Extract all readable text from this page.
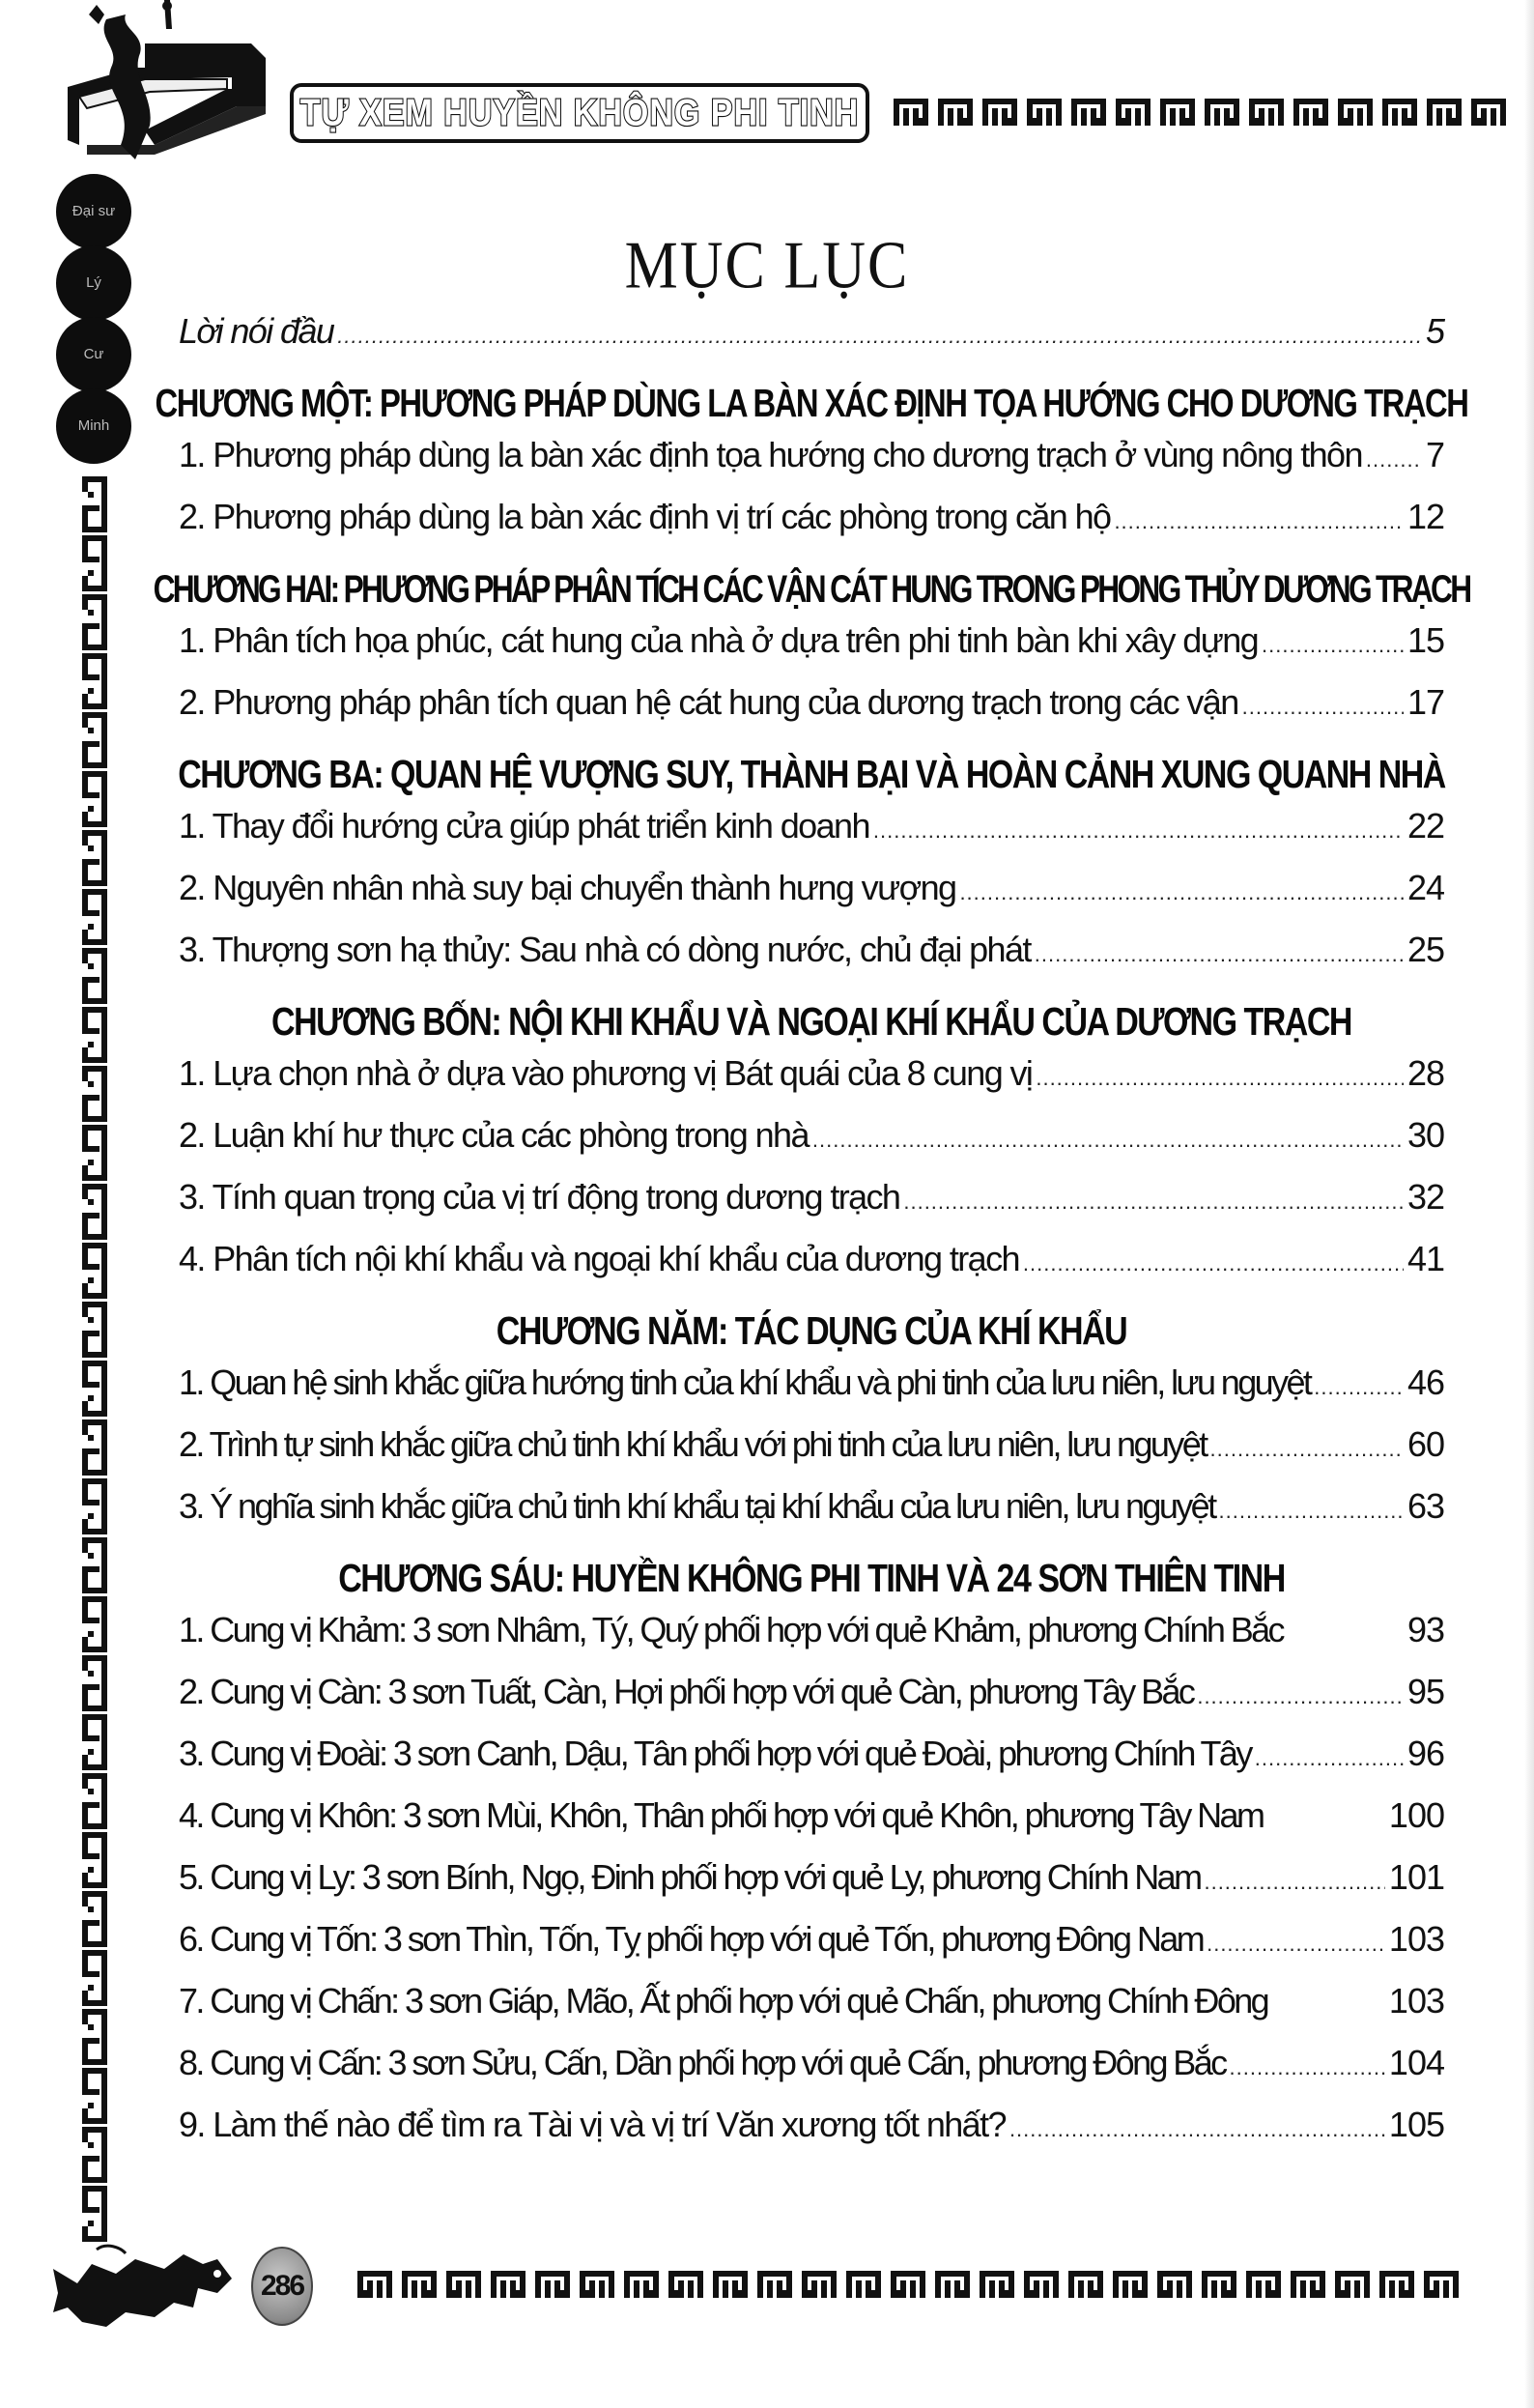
TỰ XEM HUYỀN KHÔNG PHI TINH
Đại sư
Lý
Cư
Minh
MỤC LỤC
Lời nói đầu .....	5
CHƯƠNG MỘT: PHƯƠNG PHÁP DÙNG LA BÀN XÁC ĐỊNH TỌA HƯỚNG CHO DƯƠNG TRẠCH
1. Phương pháp dùng la bàn xác định tọa hướng cho dương trạch ở vùng nông thôn ..... 7
2. Phương pháp dùng la bàn xác định vị trí các phòng trong căn hộ .....	12
CHƯƠNG HAI: PHƯƠNG PHÁP PHÂN TÍCH CÁC VẬN CÁT HUNG TRONG PHONG THỦY DƯƠNG TRẠCH
1. Phân tích họa phúc, cát hung của nhà ở dựa trên phi tinh bàn khi xây dựng .....	15
2. Phương pháp phân tích quan hệ cát hung của dương trạch trong các vận .....	17
CHƯƠNG BA: QUAN HỆ VƯỢNG SUY, THÀNH BẠI VÀ HOÀN CẢNH XUNG QUANH NHÀ
1. Thay đổi hướng cửa giúp phát triển kinh doanh .....	22
2. Nguyên nhân nhà suy bại chuyển thành hưng vượng .....	24
3. Thượng sơn hạ thủy: Sau nhà có dòng nước, chủ đại phát .....	25
CHƯƠNG BỐN: NỘI KHI KHẨU VÀ NGOẠI KHÍ KHẨU CỦA DƯƠNG TRẠCH
1. Lựa chọn nhà ở dựa vào phương vị Bát quái của 8 cung vị .....	28
2. Luận khí hư thực của các phòng trong nhà .....	30
3. Tính quan trọng của vị trí động trong dương trạch .....	32
4. Phân tích nội khí khẩu và ngoại khí khẩu của dương trạch .....	41
CHƯƠNG NĂM: TÁC DỤNG CỦA KHÍ KHẨU
1. Quan hệ sinh khắc giữa hướng tinh của khí khẩu và phi tinh của lưu niên, lưu nguyệt .....	46
2. Trình tự sinh khắc giữa chủ tinh khí khẩu với phi tinh của lưu niên, lưu nguyệt .....	60
3. Ý nghĩa sinh khắc giữa chủ tinh khí khẩu tại khí khẩu của lưu niên, lưu nguyệt .....	63
CHƯƠNG SÁU: HUYỀN KHÔNG PHI TINH VÀ 24 SƠN THIÊN TINH
1. Cung vị Khảm: 3 sơn Nhâm, Tý, Quý phối hợp với quẻ Khảm, phương Chính Bắc	93
2. Cung vị Càn: 3 sơn Tuất, Càn, Hợi phối hợp với quẻ Càn, phương Tây Bắc .....	95
3. Cung vị Đoài: 3 sơn Canh, Dậu, Tân phối hợp với quẻ Đoài, phương Chính Tây .....	96
4. Cung vị Khôn: 3 sơn Mùi, Khôn, Thân phối hợp với quẻ Khôn, phương Tây Nam	100
5. Cung vị Ly: 3 sơn Bính, Ngọ, Đinh phối hợp với quẻ Ly, phương Chính Nam .....	101
6. Cung vị Tốn: 3 sơn Thìn, Tốn, Tỵ phối hợp với quẻ Tốn, phương Đông Nam .....	103
7. Cung vị Chấn: 3 sơn Giáp, Mão, Ất phối hợp với quẻ Chấn, phương Chính Đông	103
8. Cung vị Cấn: 3 sơn Sửu, Cấn, Dần phối hợp với quẻ Cấn, phương Đông Bắc .....	104
9. Làm thế nào để tìm ra Tài vị và vị trí Văn xương tốt nhất? .....	105
286
